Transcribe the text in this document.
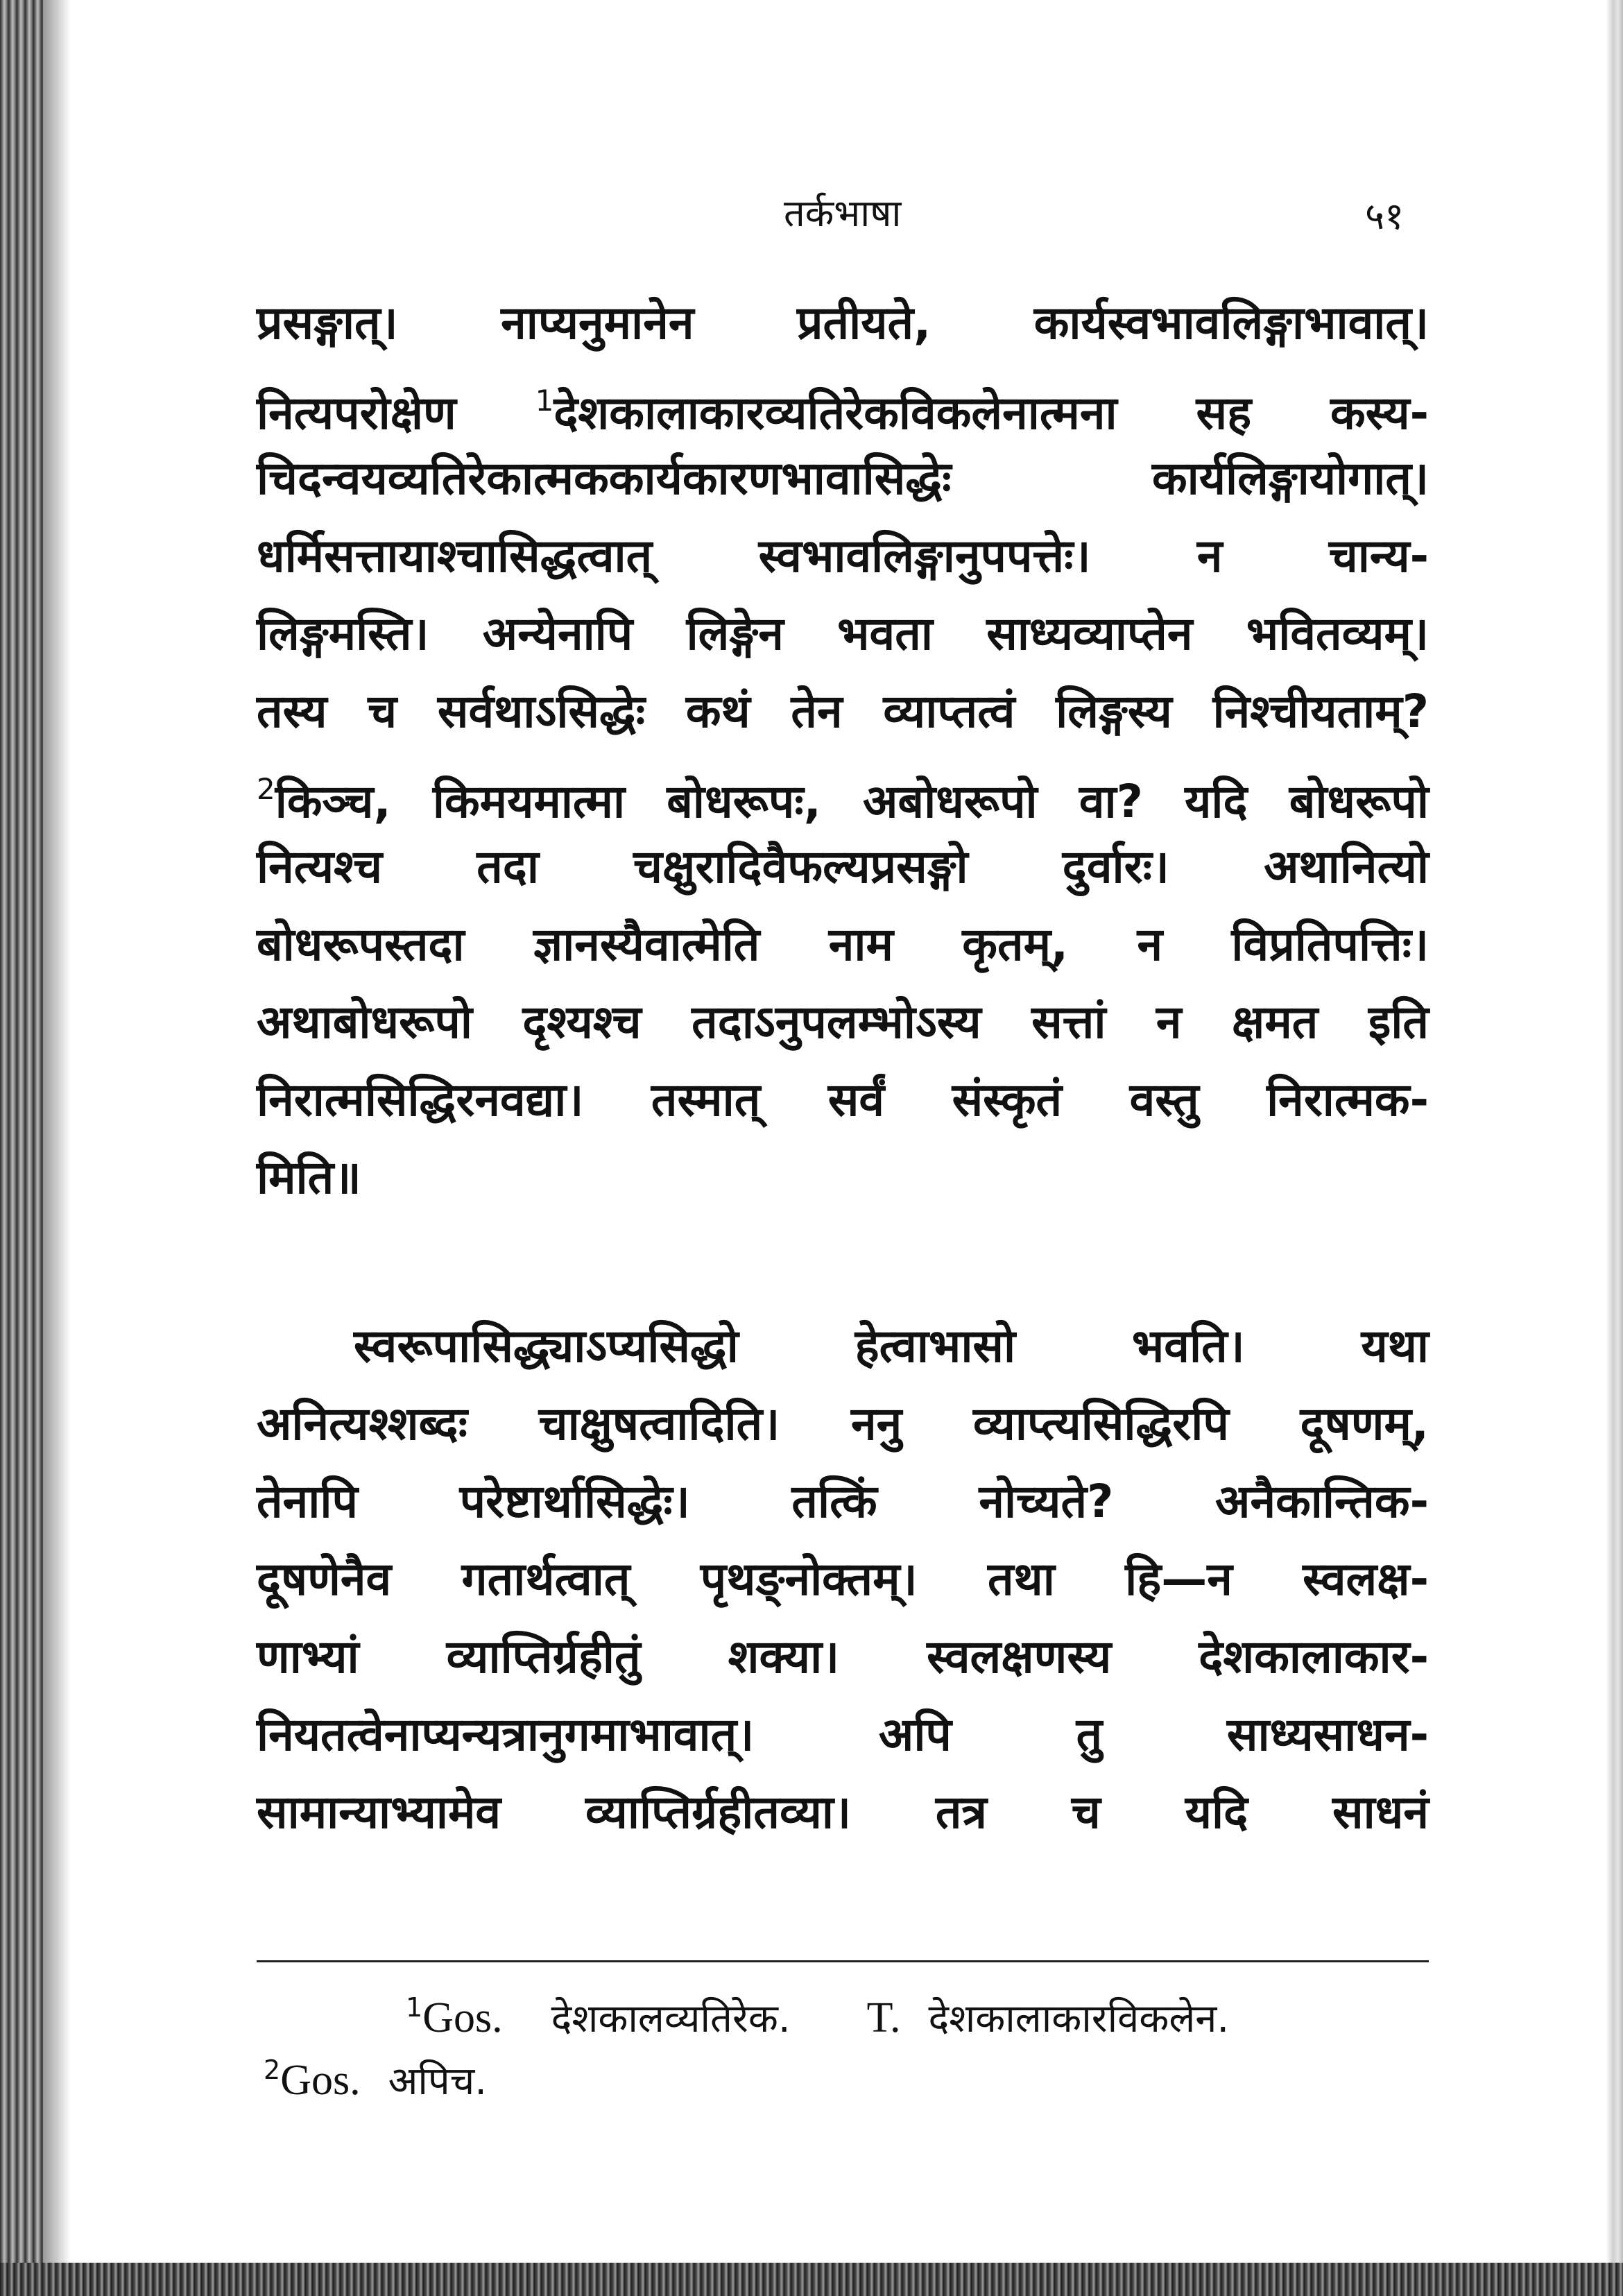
तर्कभाषा	५१
प्रसङ्गात्। नाप्यनुमानेन प्रतीयते, कार्यस्वभावलिङ्गाभावात्।
नित्यपरोक्षेण $^1$देशकालाकारव्यतिरेकविकलेनात्मना सह कस्य-
चिदन्वयव्यतिरेकात्मककार्यकारणभावासिद्धेः कार्यलिङ्गायोगात्।
धर्मिसत्तायाश्चासिद्धत्वात् स्वभावलिङ्गानुपपत्तेः। न चान्य-
लिङ्गमस्ति। अन्येनापि लिङ्गेन भवता साध्यव्याप्तेन भवितव्यम्।
तस्य च सर्वथाऽसिद्धेः कथं तेन व्याप्तत्वं लिङ्गस्य निश्चीयताम्?
$^2$किञ्च, किमयमात्मा बोधरूपः, अबोधरूपो वा? यदि बोधरूपो
नित्यश्च तदा चक्षुरादिवैफल्यप्रसङ्गो दुर्वारः। अथानित्यो
बोधरूपस्तदा ज्ञानस्यैवात्मेति नाम कृतम्, न विप्रतिपत्तिः।
अथाबोधरूपो दृश्यश्च तदाऽनुपलम्भोऽस्य सत्तां न क्षमत इति
निरात्मसिद्धिरनवद्या। तस्मात् सर्वं संस्कृतं वस्तु निरात्मक-
मिति॥
स्वरूपासिद्ध्याऽप्यसिद्धो हेत्वाभासो भवति। यथा
अनित्यश्शब्दः चाक्षुषत्वादिति। ननु व्याप्त्यसिद्धिरपि दूषणम्,
तेनापि परेष्टार्थासिद्धेः। तत्किं नोच्यते? अनैकान्तिक-
दूषणेनैव गतार्थत्वात् पृथङ्नोक्तम्। तथा हि—न स्वलक्ष-
णाभ्यां व्याप्तिर्ग्रहीतुं शक्या। स्वलक्षणस्य देशकालाकार-
नियतत्वेनाप्यन्यत्रानुगमाभावात्। अपि तु साध्यसाधन-
सामान्याभ्यामेव व्याप्तिर्ग्रहीतव्या। तत्र च यदि साधनं
$^1$Gos. देशकालव्यतिरेक. T. देशकालाकारविकलेन.
$^2$Gos. अपिच.
